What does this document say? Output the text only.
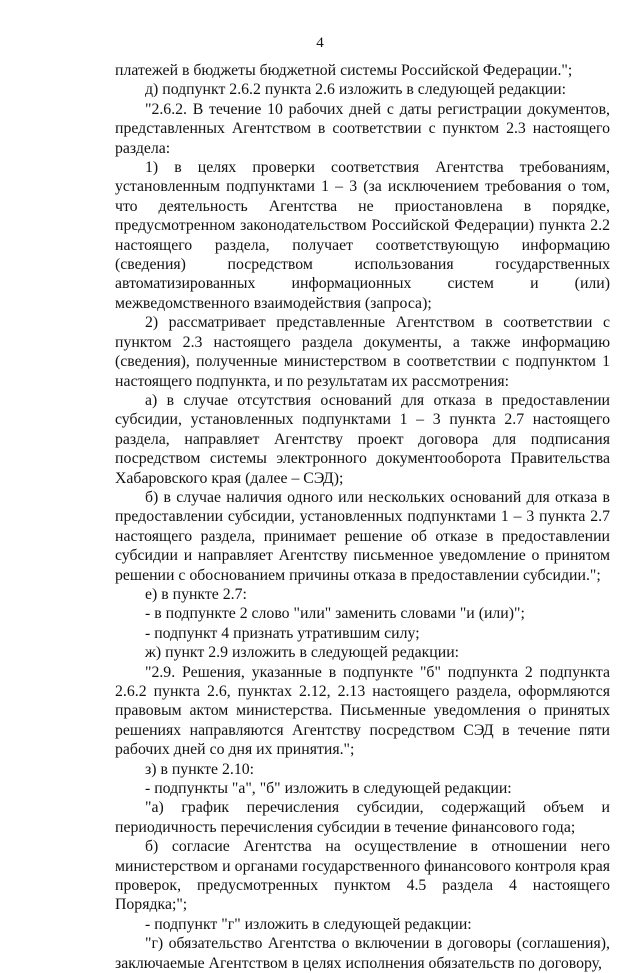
4

платежей в бюджеты бюджетной системы Российской Федерации.";

д) подпункт 2.6.2 пункта 2.6 изложить в следующей редакции:

"2.6.2. В течение 10 рабочих дней с даты регистрации документов, представленных Агентством в соответствии с пунктом 2.3 настоящего раздела:

1) в целях проверки соответствия Агентства требованиям, установленным подпунктами 1 – 3 (за исключением требования о том, что деятельность Агентства не приостановлена в порядке, предусмотренном законодательством Российской Федерации) пункта 2.2 настоящего раздела, получает соответствующую информацию (сведения) посредством использования государственных автоматизированных информационных систем и (или) межведомственного взаимодействия (запроса);

2) рассматривает представленные Агентством в соответствии с пунктом 2.3 настоящего раздела документы, а также информацию (сведения), полученные министерством в соответствии с подпунктом 1 настоящего подпункта, и по результатам их рассмотрения:

а) в случае отсутствия оснований для отказа в предоставлении субсидии, установленных подпунктами 1 – 3 пункта 2.7 настоящего раздела, направляет Агентству проект договора для подписания посредством системы электронного документооборота Правительства Хабаровского края (далее – СЭД);

б) в случае наличия одного или нескольких оснований для отказа в предоставлении субсидии, установленных подпунктами 1 – 3 пункта 2.7 настоящего раздела, принимает решение об отказе в предоставлении субсидии и направляет Агентству письменное уведомление о принятом решении с обоснованием причины отказа в предоставлении субсидии.";

е) в пункте 2.7:

- в подпункте 2 слово "или" заменить словами "и (или)";

- подпункт 4 признать утратившим силу;

ж) пункт 2.9 изложить в следующей редакции:

"2.9. Решения, указанные в подпункте "б" подпункта 2 подпункта 2.6.2 пункта 2.6, пунктах 2.12, 2.13 настоящего раздела, оформляются правовым актом министерства. Письменные уведомления о принятых решениях направляются Агентству посредством СЭД в течение пяти рабочих дней со дня их принятия.";

з) в пункте 2.10:

- подпункты "а", "б" изложить в следующей редакции:

"а) график перечисления субсидии, содержащий объем и периодичность перечисления субсидии в течение финансового года;

б) согласие Агентства на осуществление в отношении него министерством и органами государственного финансового контроля края проверок, предусмотренных пунктом 4.5 раздела 4 настоящего Порядка;";

- подпункт "г" изложить в следующей редакции:

"г) обязательство Агентства о включении в договоры (соглашения), заключаемые Агентством в целях исполнения обязательств по договору,
